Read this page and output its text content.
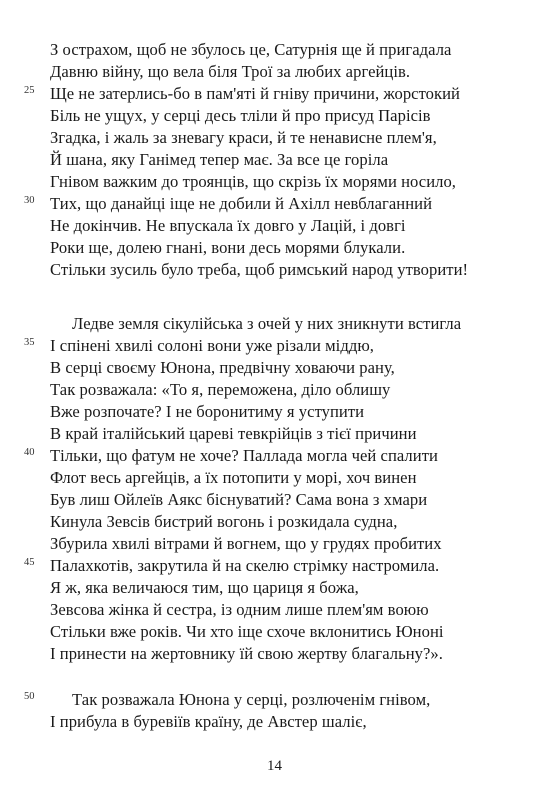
З острахом, щоб не збулось це, Сатурнія ще й пригадала
Давню війну, що вела біля Трої за любих аргейців.
Ще не затерлись-бо в пам'яті й гніву причини, жорстокий
Біль не ущух, у серці десь тліли й про присуд Парісів
Згадка, і жаль за зневагу краси, й те ненависне плем'я,
Й шана, яку Ганімед тепер має. За все це горіла
Гнівом важким до троянців, що скрізь їх морями носило,
Тих, що данайці іще не добили й Ахілл невблаганний
Не докінчив. Не впускала їх довго у Лацій, і довгі
Роки ще, долею гнані, вони десь морями блукали.
Стільки зусиль було треба, щоб римський народ утворити!
Ледве земля сікулійська з очей у них зникнути встигла
І спінені хвилі солоні вони уже різали міддю,
В серці своєму Юнона, предвічну ховаючи рану,
Так розважала: «То я, переможена, діло облишу
Вже розпочате? І не боронитиму я уступити
В край італійський цареві тевкрійців з тієї причини
Тільки, що фатум не хоче? Паллада могла чей спалити
Флот весь аргейців, а їх потопити у морі, хоч винен
Був лиш Ойлеїв Аякс біснуватий? Сама вона з хмари
Кинула Зевсів бистрий вогонь і розкидала судна,
Збурила хвилі вітрами й вогнем, що у грудях пробитих
Палахкотів, закрутила й на скелю стрімку настромила.
Я ж, яка величаюся тим, що цариця я божа,
Зевсова жінка й сестра, із одним лише плем'ям воюю
Стільки вже років. Чи хто іще схоче вклонитись Юноні
І принести на жертовнику їй свою жертву благальну?».
Так розважала Юнона у серці, розлюченім гнівом,
І прибула в буревіїв країну, де Австер шаліє,
25
30
35
40
45
50
14
